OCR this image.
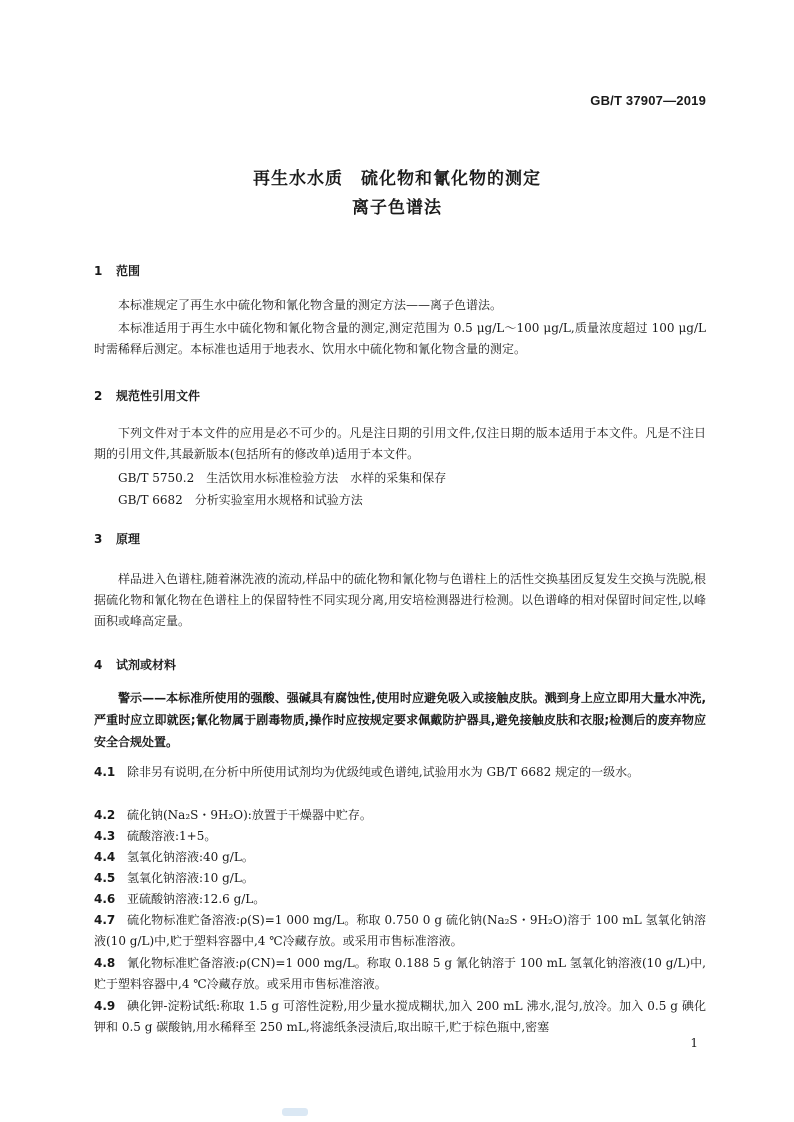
GB/T 37907—2019
再生水水质　硫化物和氰化物的测定
离子色谱法
1 范围
本标准规定了再生水中硫化物和氰化物含量的测定方法——离子色谱法。
本标准适用于再生水中硫化物和氰化物含量的测定,测定范围为 0.5 μg/L～100 μg/L,质量浓度超过 100 μg/L 时需稀释后测定。本标准也适用于地表水、饮用水中硫化物和氰化物含量的测定。
2 规范性引用文件
下列文件对于本文件的应用是必不可少的。凡是注日期的引用文件,仅注日期的版本适用于本文件。凡是不注日期的引用文件,其最新版本(包括所有的修改单)适用于本文件。
GB/T 5750.2　生活饮用水标准检验方法　水样的采集和保存
GB/T 6682　分析实验室用水规格和试验方法
3 原理
样品进入色谱柱,随着淋洗液的流动,样品中的硫化物和氰化物与色谱柱上的活性交换基团反复发生交换与洗脱,根据硫化物和氰化物在色谱柱上的保留特性不同实现分离,用安培检测器进行检测。以色谱峰的相对保留时间定性,以峰面积或峰高定量。
4 试剂或材料
警示——本标准所使用的强酸、强碱具有腐蚀性,使用时应避免吸入或接触皮肤。溅到身上应立即用大量水冲洗,严重时应立即就医;氰化物属于剧毒物质,操作时应按规定要求佩戴防护器具,避免接触皮肤和衣服;检测后的废弃物应安全合规处置。
4.1 除非另有说明,在分析中所使用试剂均为优级纯或色谱纯,试验用水为 GB/T 6682 规定的一级水。
4.2 硫化钠(Na₂S・9H₂O):放置于干燥器中贮存。
4.3 硫酸溶液:1+5。
4.4 氢氧化钠溶液:40 g/L。
4.5 氢氧化钠溶液:10 g/L。
4.6 亚硫酸钠溶液:12.6 g/L。
4.7 硫化物标准贮备溶液:ρ(S)=1 000 mg/L。称取 0.750 0 g 硫化钠(Na₂S・9H₂O)溶于 100 mL 氢氧化钠溶液(10 g/L)中,贮于塑料容器中,4 ℃冷藏存放。或采用市售标准溶液。
4.8 氰化物标准贮备溶液:ρ(CN)=1 000 mg/L。称取 0.188 5 g 氰化钠溶于 100 mL 氢氧化钠溶液(10 g/L)中,贮于塑料容器中,4 ℃冷藏存放。或采用市售标准溶液。
4.9 碘化钾-淀粉试纸:称取 1.5 g 可溶性淀粉,用少量水搅成糊状,加入 200 mL 沸水,混匀,放冷。加入 0.5 g 碘化钾和 0.5 g 碳酸钠,用水稀释至 250 mL,将滤纸条浸渍后,取出晾干,贮于棕色瓶中,密塞
1
